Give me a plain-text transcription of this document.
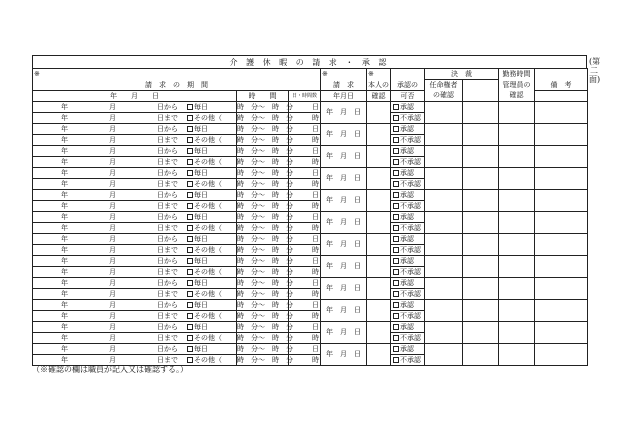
介 護 休 暇 の 請 求 ・ 承 認	(第二面)
※			※	※		決　裁		勤務時間	
請　求　の　期　間			請　求	本人の	承認の	任命権者		管理員の	備　考
年　　月　　日	時　　間	日・時間数	年月日	確認	可否	の確認		確認	
年 月 日から 毎日	時　分～　時　分	日	年　月　日		承認				
年 月 日まで その他（　　）	時　分～　時　分	時			不承認				
年 月 日から 毎日	時　分～　時　分	日	年　月　日		承認				
年 月 日まで その他（　　）	時　分～　時　分	時			不承認				
年 月 日から 毎日	時　分～　時　分	日	年　月　日		承認				
年 月 日まで その他（　　）	時　分～　時　分	時			不承認				
年 月 日から 毎日	時　分～　時　分	日	年　月　日		承認				
年 月 日まで その他（　　）	時　分～　時　分	時			不承認				
年 月 日から 毎日	時　分～　時　分	日	年　月　日		承認				
年 月 日まで その他（　　）	時　分～　時　分	時			不承認				
年 月 日から 毎日	時　分～　時　分	日	年　月　日		承認				
年 月 日まで その他（　　）	時　分～　時　分	時			不承認				
年 月 日から 毎日	時　分～　時　分	日	年　月　日		承認				
年 月 日まで その他（　　）	時　分～　時　分	時			不承認				
年 月 日から 毎日	時　分～　時　分	日	年　月　日		承認				
年 月 日まで その他（　　）	時　分～　時　分	時			不承認				
年 月 日から 毎日	時　分～　時　分	日	年　月　日		承認				
年 月 日まで その他（　　）	時　分～　時　分	時			不承認				
年 月 日から 毎日	時　分～　時　分	日	年　月　日		承認				
年 月 日まで その他（　　）	時　分～　時　分	時			不承認				
年 月 日から 毎日	時　分～　時　分	日	年　月　日		承認				
年 月 日まで その他（　　）	時　分～　時　分	時			不承認				
年 月 日から 毎日	時　分～　時　分	日	年　月　日		承認				
年 月 日まで その他（　　）	時　分～　時　分	時			不承認				
（※確認の欄は職員が記入又は確認する。）
